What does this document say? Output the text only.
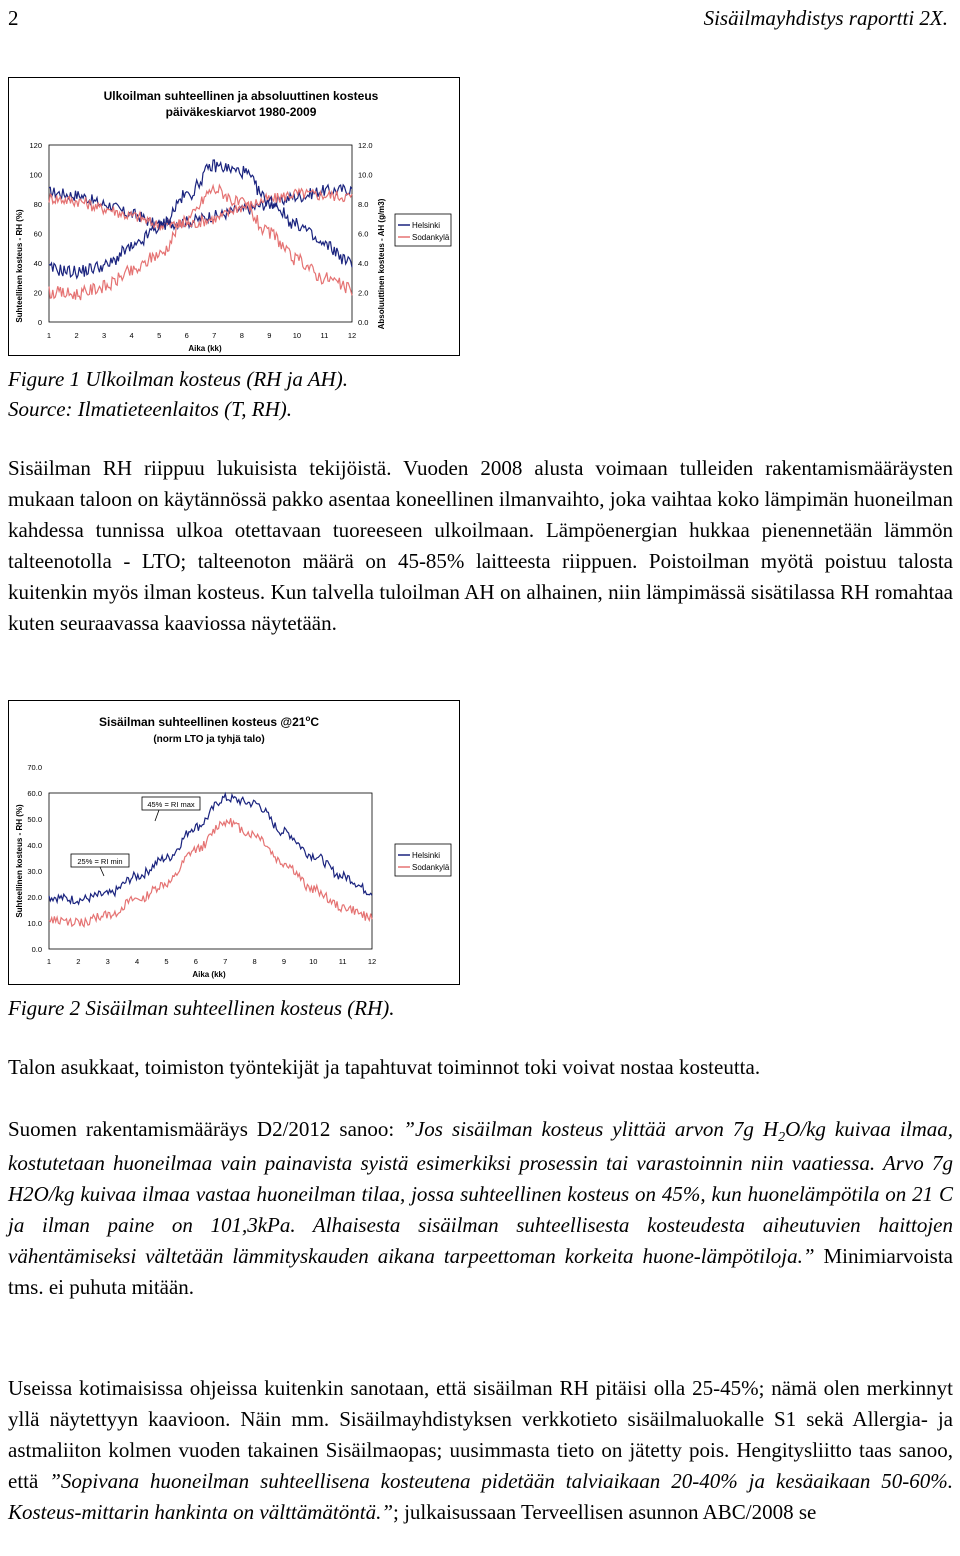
2	Sisäilmayhdistys raportti 2X.
Ulkoilman suhteellinen ja absoluuttinen kosteus
päiväkeskiarvot 1980-2009
0
20
40
60
80
100
120
0.0
2.0
4.0
6.0
8.0
10.0
12.0
1	2	3	4	5	6	7	8	9	10	11	12
Suhteellinen kosteus - RH (%)	Absoluuttinen kosteus - AH (g/m3)
Aika (kk)
Helsinki
Sodankylä
Figure 1 Ulkoilman kosteus (RH ja AH).
Source: Ilmatieteenlaitos (T, RH).
Sisäilman RH riippuu lukuisista tekijöistä. Vuoden 2008 alusta voimaan tulleiden rakentamismääräysten mukaan taloon on käytännössä pakko asentaa koneellinen ilmanvaihto, joka vaihtaa koko lämpimän huoneilman kahdessa tunnissa ulkoa otettavaan tuoreeseen ulkoilmaan. Lämpöenergian hukkaa pienennetään lämmön talteenotolla - LTO; talteenoton määrä on 45-85% laitteesta riippuen. Poistoilman myötä poistuu talosta kuitenkin myös ilman kosteus. Kun talvella tuloilman AH on alhainen, niin lämpimässä sisätilassa RH romahtaa kuten seuraavassa kaaviossa näytetään.
Sisäilman suhteellinen kosteus @21$^o$C
(norm LTO ja tyhjä talo)
0.0
10.0
20.0
30.0
40.0
50.0
60.0
70.0
1	2	3	4	5	6	7	8	9	10	11	12
Suhteellinen kosteus - RH (%)
Aika (kk)
Helsinki
Sodankylä
45% = RI max
25% = RI min
Figure 2 Sisäilman suhteellinen kosteus (RH).
Talon asukkaat, toimiston työntekijät ja tapahtuvat toiminnot toki voivat nostaa kosteutta.
Suomen rakentamismääräys D2/2012 sanoo: ”Jos sisäilman kosteus ylittää arvon 7g $H_2O/kg$ kuivaa ilmaa, kostutetaan huoneilmaa vain painavista syistä esimerkiksi prosessin tai varastoinnin niin vaatiessa. Arvo 7g H2O/kg kuivaa ilmaa vastaa huoneilman tilaa, jossa suhteellinen kosteus on 45%, kun huonelämpötila on 21 C ja ilman paine on 101,3kPa. Alhaisesta sisäilman suhteellisesta kosteudesta aiheutuvien haittojen vähentämiseksi vältetään lämmityskauden aikana tarpeettoman korkeita huone-lämpötiloja.” Minimiarvoista tms. ei puhuta mitään.
Useissa kotimaisissa ohjeissa kuitenkin sanotaan, että sisäilman RH pitäisi olla 25-45%; nämä olen merkinnyt yllä näytettyyn kaavioon. Näin mm. Sisäilmayhdistyksen verkkotieto sisäilmaluokalle S1 sekä Allergia- ja astmaliiton kolmen vuoden takainen Sisäilmaopas; uusimmasta tieto on jätetty pois. Hengitysliitto taas sanoo, että ”Sopivana huoneilman suhteellisena kosteutena pidetään talviaikaan 20-40% ja kesäaikaan 50-60%. Kosteus-mittarin hankinta on välttämätöntä.”; julkaisussaan Terveellisen asunnon ABC/2008 se
